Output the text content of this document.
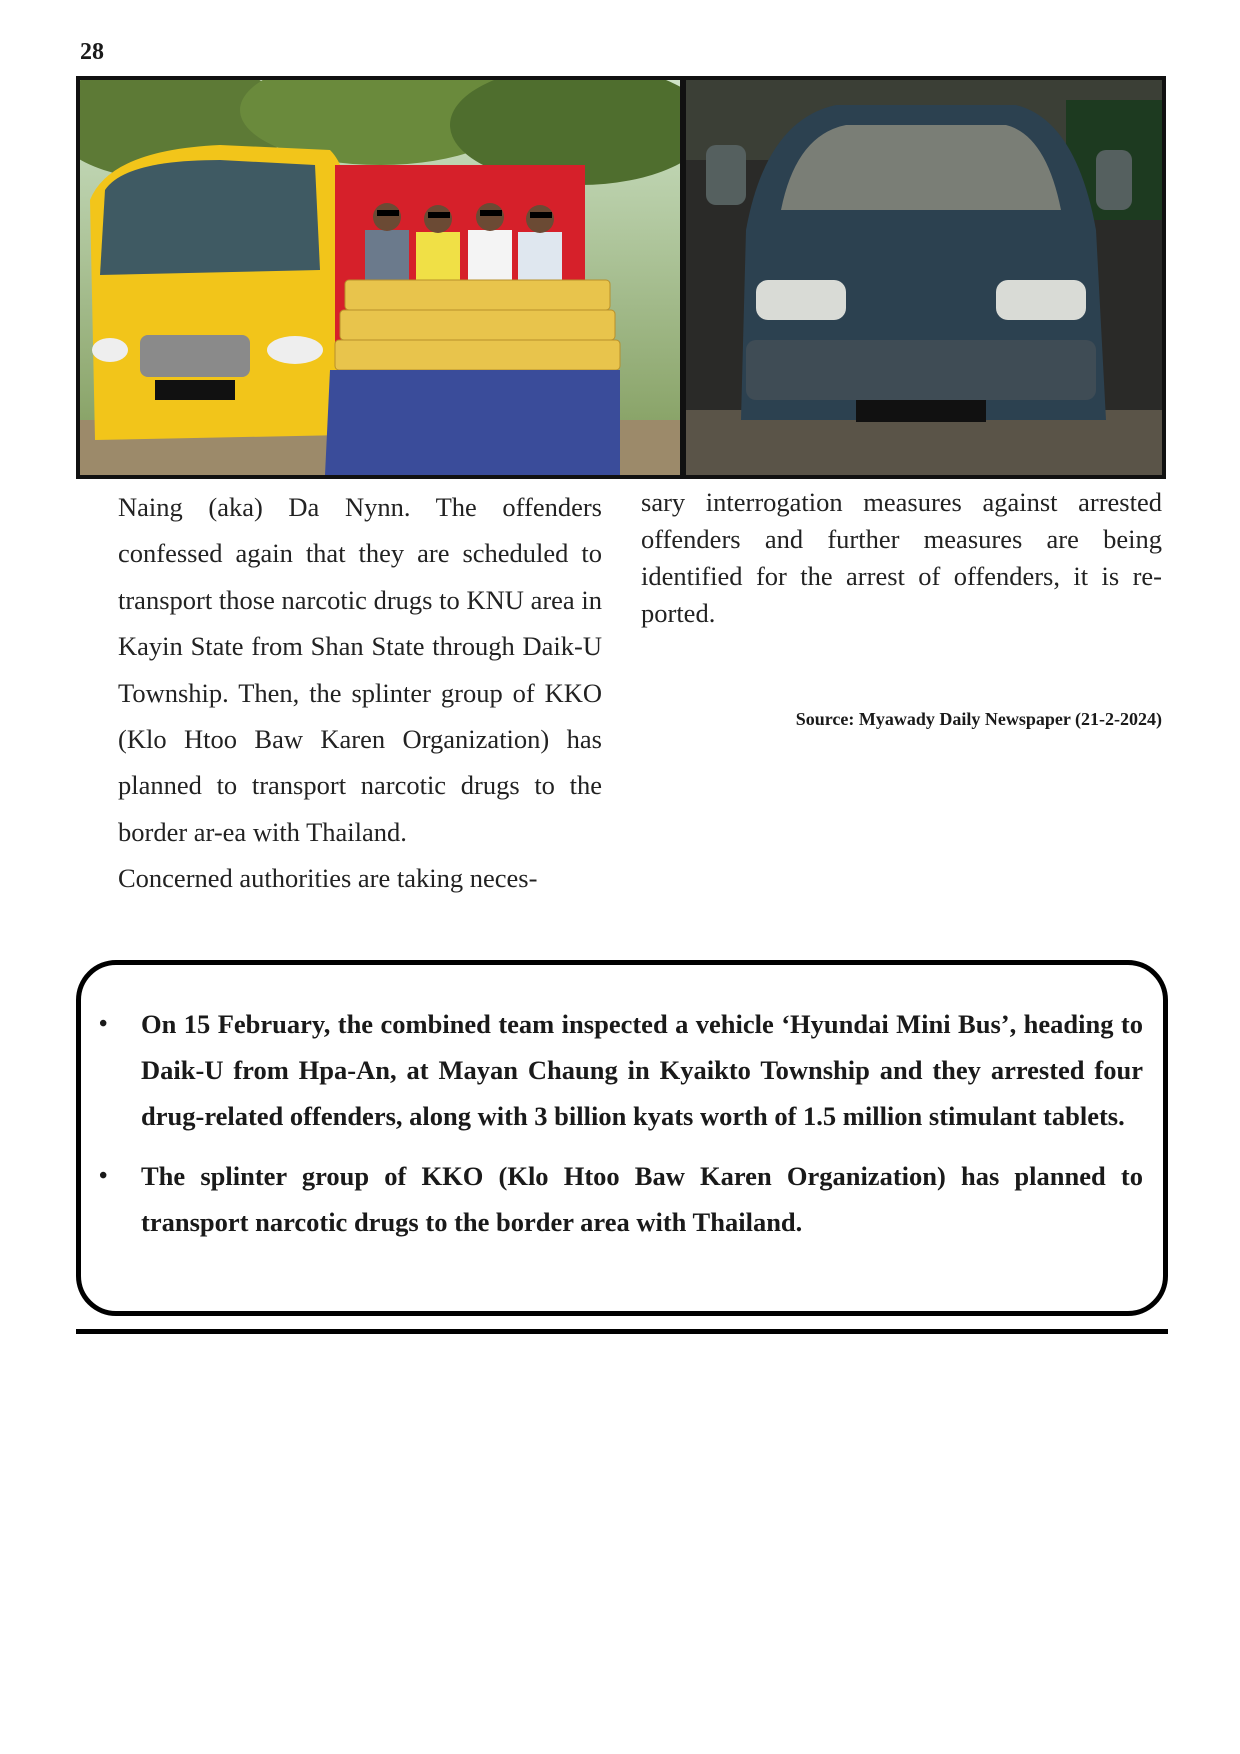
28

Naing (aka) Da Nynn. The offenders confessed again that they are scheduled to transport those narcotic drugs to KNU area in Kayin State from Shan State through Daik-U Township. Then, the splinter group of KKO (Klo Htoo Baw Karen Organization) has planned to transport narcotic drugs to the border ar-ea with Thailand.

Concerned authorities are taking neces-

sary interrogation measures against arrested offenders and further measures are being identified for the arrest of offenders, it is re-ported.

Source: Myawady Daily Newspaper (21-2-2024)
• On 15 February, the combined team inspected a vehicle ‘Hyundai Mini Bus’, heading to Daik-U from Hpa-An, at Mayan Chaung in Kyaikto Township and they arrested four drug-related offenders, along with 3 billion kyats worth of 1.5 million stimulant tablets.
• The splinter group of KKO (Klo Htoo Baw Karen Organization) has planned to transport narcotic drugs to the border area with Thailand.
